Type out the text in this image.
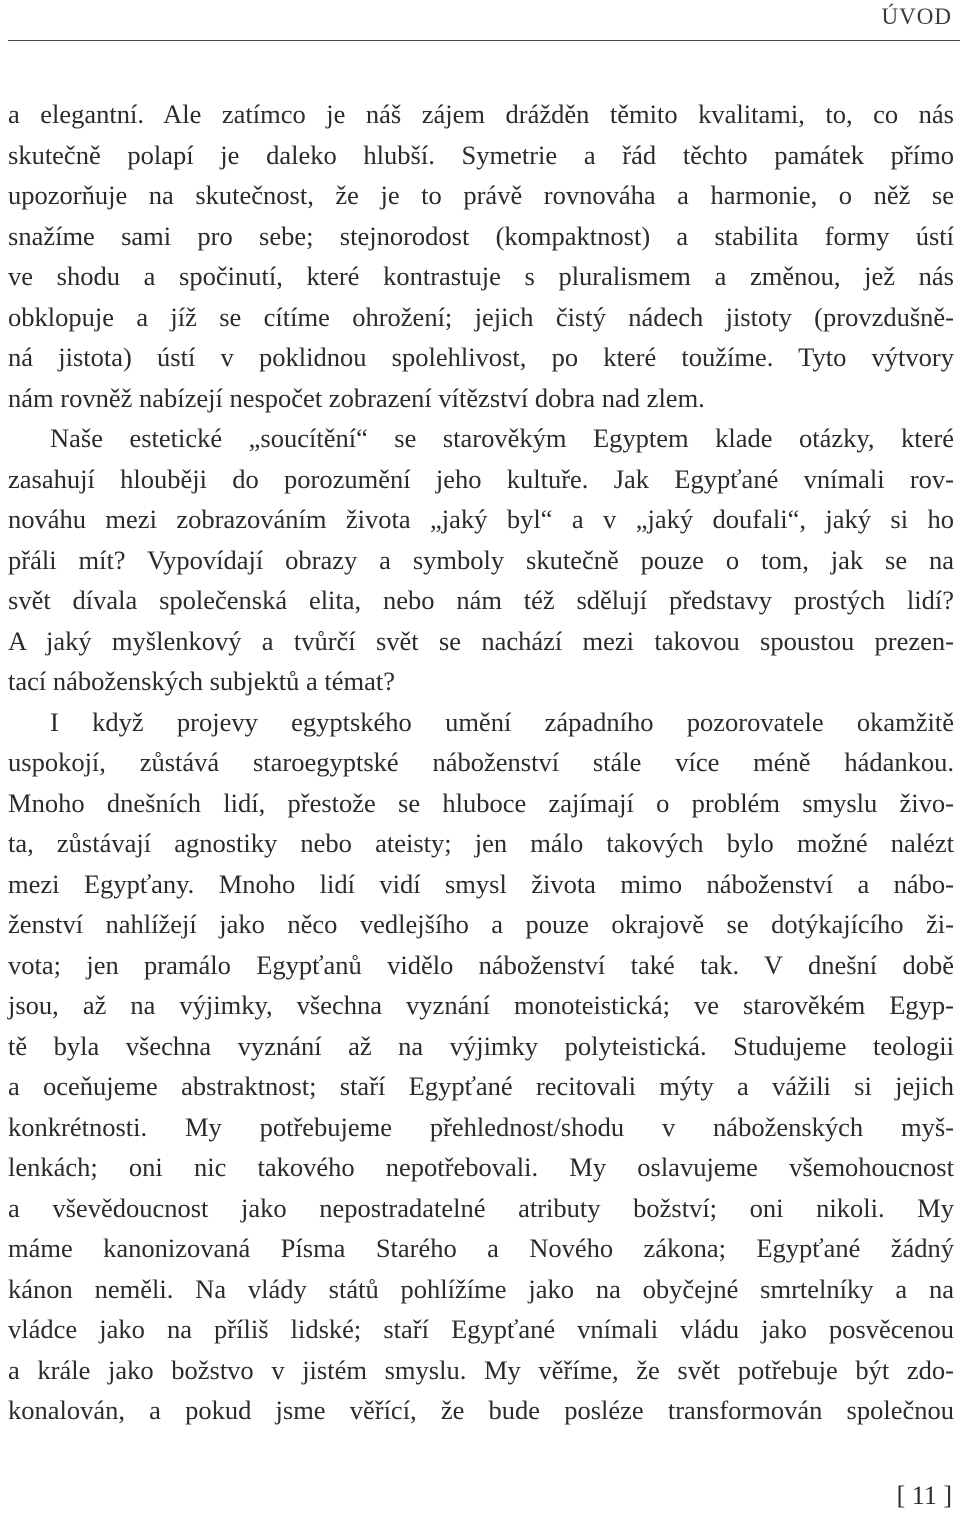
ÚVOD
a elegantní. Ale zatímco je náš zájem drážděn těmito kvalitami, to, co nás
skutečně polapí je daleko hlubší. Symetrie a řád těchto památek přímo
upozorňuje na skutečnost, že je to právě rovnováha a harmonie, o něž se
snažíme sami pro sebe; stejnorodost (kompaktnost) a stabilita formy ústí
ve shodu a spočinutí, které kontrastuje s pluralismem a změnou, jež nás
obklopuje a jíž se cítíme ohrožení; jejich čistý nádech jistoty (provzdušně-
ná jistota) ústí v poklidnou spolehlivost, po které toužíme. Tyto výtvory
nám rovněž nabízejí nespočet zobrazení vítězství dobra nad zlem.
Naše estetické „soucítění“ se starověkým Egyptem klade otázky, které
zasahují hlouběji do porozumění jeho kultuře. Jak Egypťané vnímali rov-
nováhu mezi zobrazováním života „jaký byl“ a v „jaký doufali“, jaký si ho
přáli mít? Vypovídají obrazy a symboly skutečně pouze o tom, jak se na
svět dívala společenská elita, nebo nám též sdělují představy prostých lidí?
A jaký myšlenkový a tvůrčí svět se nachází mezi takovou spoustou prezen-
tací náboženských subjektů a témat?
I když projevy egyptského umění západního pozorovatele okamžitě
uspokojí, zůstává staroegyptské náboženství stále více méně hádankou.
Mnoho dnešních lidí, přestože se hluboce zajímají o problém smyslu živo-
ta, zůstávají agnostiky nebo ateisty; jen málo takových bylo možné nalézt
mezi Egypťany. Mnoho lidí vidí smysl života mimo náboženství a nábo-
ženství nahlížejí jako něco vedlejšího a pouze okrajově se dotýkajícího ži-
vota; jen pramálo Egypťanů vidělo náboženství také tak. V dnešní době
jsou, až na výjimky, všechna vyznání monoteistická; ve starověkém Egyp-
tě byla všechna vyznání až na výjimky polyteistická. Studujeme teologii
a oceňujeme abstraktnost; staří Egypťané recitovali mýty a vážili si jejich
konkrétnosti. My potřebujeme přehlednost/shodu v náboženských myš-
lenkách; oni nic takového nepotřebovali. My oslavujeme všemohoucnost
a vševědoucnost jako nepostradatelné atributy božství; oni nikoli. My
máme kanonizovaná Písma Starého a Nového zákona; Egypťané žádný
kánon neměli. Na vlády států pohlížíme jako na obyčejné smrtelníky a na
vládce jako na příliš lidské; staří Egypťané vnímali vládu jako posvěcenou
a krále jako božstvo v jistém smyslu. My věříme, že svět potřebuje být zdo-
konalován, a pokud jsme věřící, že bude posléze transformován společnou
[ 11 ]
